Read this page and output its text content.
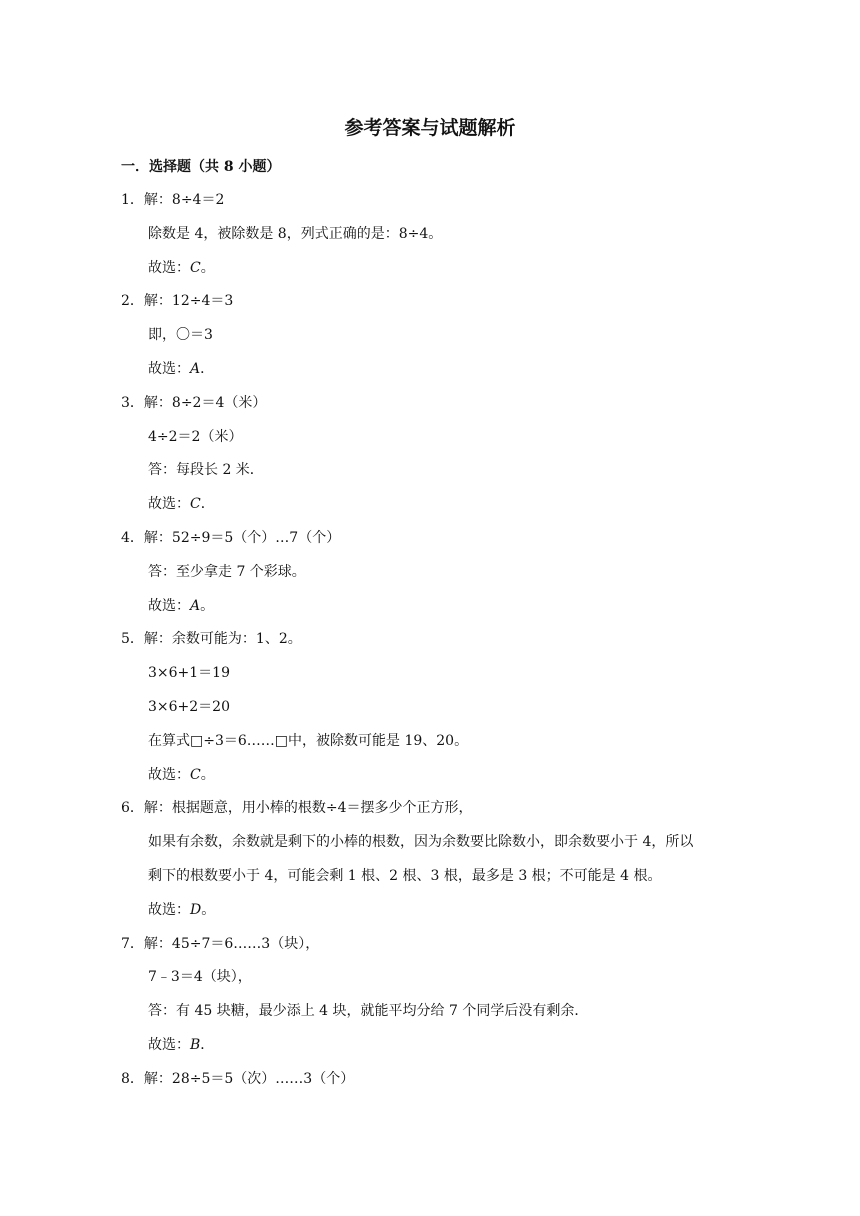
参考答案与试题解析
一．选择题（共 8 小题）
1．解：8÷4＝2
除数是 4，被除数是 8，列式正确的是：8÷4。
故选：C。
2．解：12÷4＝3
即，〇＝3
故选：A．
3．解：8÷2＝4（米）
4÷2＝2（米）
答：每段长 2 米．
故选：C．
4．解：52÷9＝5（个）…7（个）
答：至少拿走 7 个彩球。
故选：A。
5．解：余数可能为：1、2。
3×6+1＝19
3×6+2＝20
在算式□÷3＝6……□中，被除数可能是 19、20。
故选：C。
6．解：根据题意，用小棒的根数÷4＝摆多少个正方形，
如果有余数，余数就是剩下的小棒的根数，因为余数要比除数小，即余数要小于 4，所以
剩下的根数要小于 4，可能会剩 1 根、2 根、3 根，最多是 3 根；不可能是 4 根。
故选：D。
7．解：45÷7＝6……3（块），
7﹣3＝4（块），
答：有 45 块糖，最少添上 4 块，就能平均分给 7 个同学后没有剩余．
故选：B．
8．解：28÷5＝5（次）……3（个）
